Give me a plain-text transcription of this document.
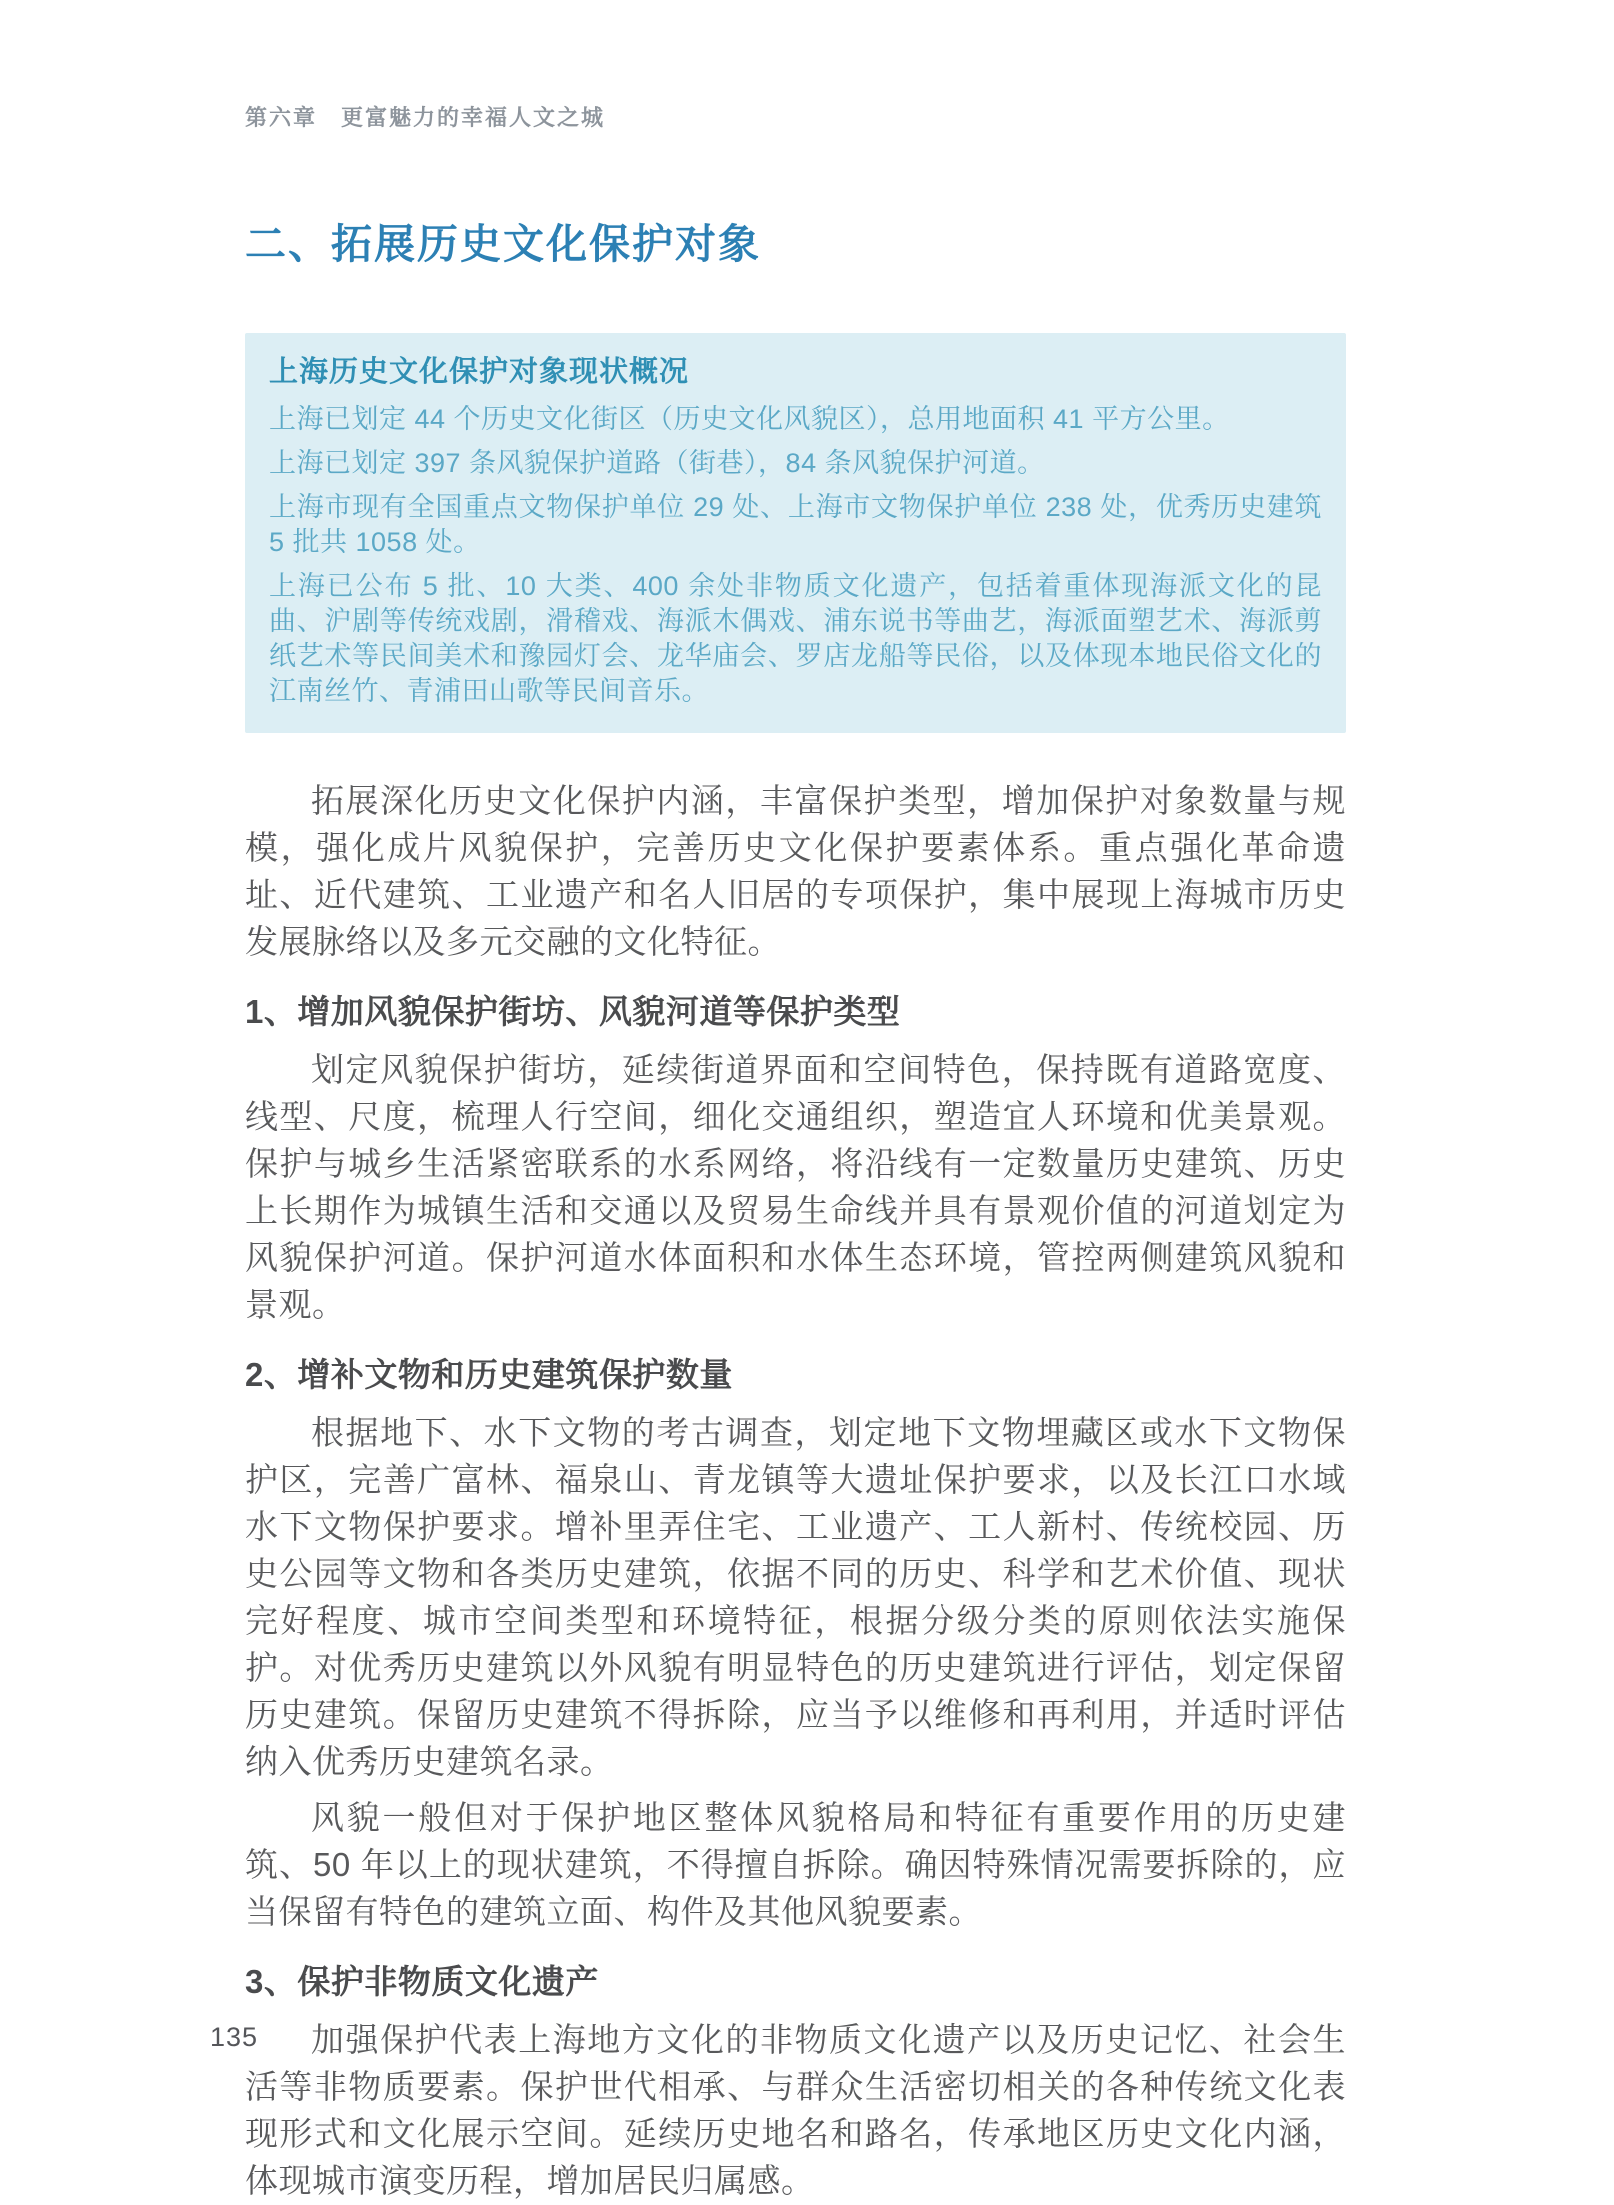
第六章　更富魅力的幸福人文之城
二、拓展历史文化保护对象
上海历史文化保护对象现状概况

上海已划定 44 个历史文化街区（历史文化风貌区），总用地面积 41 平方公里。

上海已划定 397 条风貌保护道路（街巷），84 条风貌保护河道。

上海市现有全国重点文物保护单位 29 处、上海市文物保护单位 238 处，优秀历史建筑 5 批共 1058 处。

上海已公布 5 批、10 大类、400 余处非物质文化遗产，包括着重体现海派文化的昆曲、沪剧等传统戏剧，滑稽戏、海派木偶戏、浦东说书等曲艺，海派面塑艺术、海派剪纸艺术等民间美术和豫园灯会、龙华庙会、罗店龙船等民俗，以及体现本地民俗文化的江南丝竹、青浦田山歌等民间音乐。

拓展深化历史文化保护内涵，丰富保护类型，增加保护对象数量与规模，强化成片风貌保护，完善历史文化保护要素体系。重点强化革命遗址、近代建筑、工业遗产和名人旧居的专项保护，集中展现上海城市历史发展脉络以及多元交融的文化特征。

1、增加风貌保护街坊、风貌河道等保护类型

划定风貌保护街坊，延续街道界面和空间特色，保持既有道路宽度、线型、尺度，梳理人行空间，细化交通组织，塑造宜人环境和优美景观。保护与城乡生活紧密联系的水系网络，将沿线有一定数量历史建筑、历史上长期作为城镇生活和交通以及贸易生命线并具有景观价值的河道划定为风貌保护河道。保护河道水体面积和水体生态环境，管控两侧建筑风貌和景观。

2、增补文物和历史建筑保护数量

根据地下、水下文物的考古调查，划定地下文物埋藏区或水下文物保护区，完善广富林、福泉山、青龙镇等大遗址保护要求，以及长江口水域水下文物保护要求。增补里弄住宅、工业遗产、工人新村、传统校园、历史公园等文物和各类历史建筑，依据不同的历史、科学和艺术价值、现状完好程度、城市空间类型和环境特征，根据分级分类的原则依法实施保护。对优秀历史建筑以外风貌有明显特色的历史建筑进行评估，划定保留历史建筑。保留历史建筑不得拆除，应当予以维修和再利用，并适时评估纳入优秀历史建筑名录。

风貌一般但对于保护地区整体风貌格局和特征有重要作用的历史建筑、50 年以上的现状建筑，不得擅自拆除。确因特殊情况需要拆除的，应当保留有特色的建筑立面、构件及其他风貌要素。

3、保护非物质文化遗产

加强保护代表上海地方文化的非物质文化遗产以及历史记忆、社会生活等非物质要素。保护世代相承、与群众生活密切相关的各种传统文化表现形式和文化展示空间。延续历史地名和路名，传承地区历史文化内涵，体现城市演变历程，增加居民归属感。

135
